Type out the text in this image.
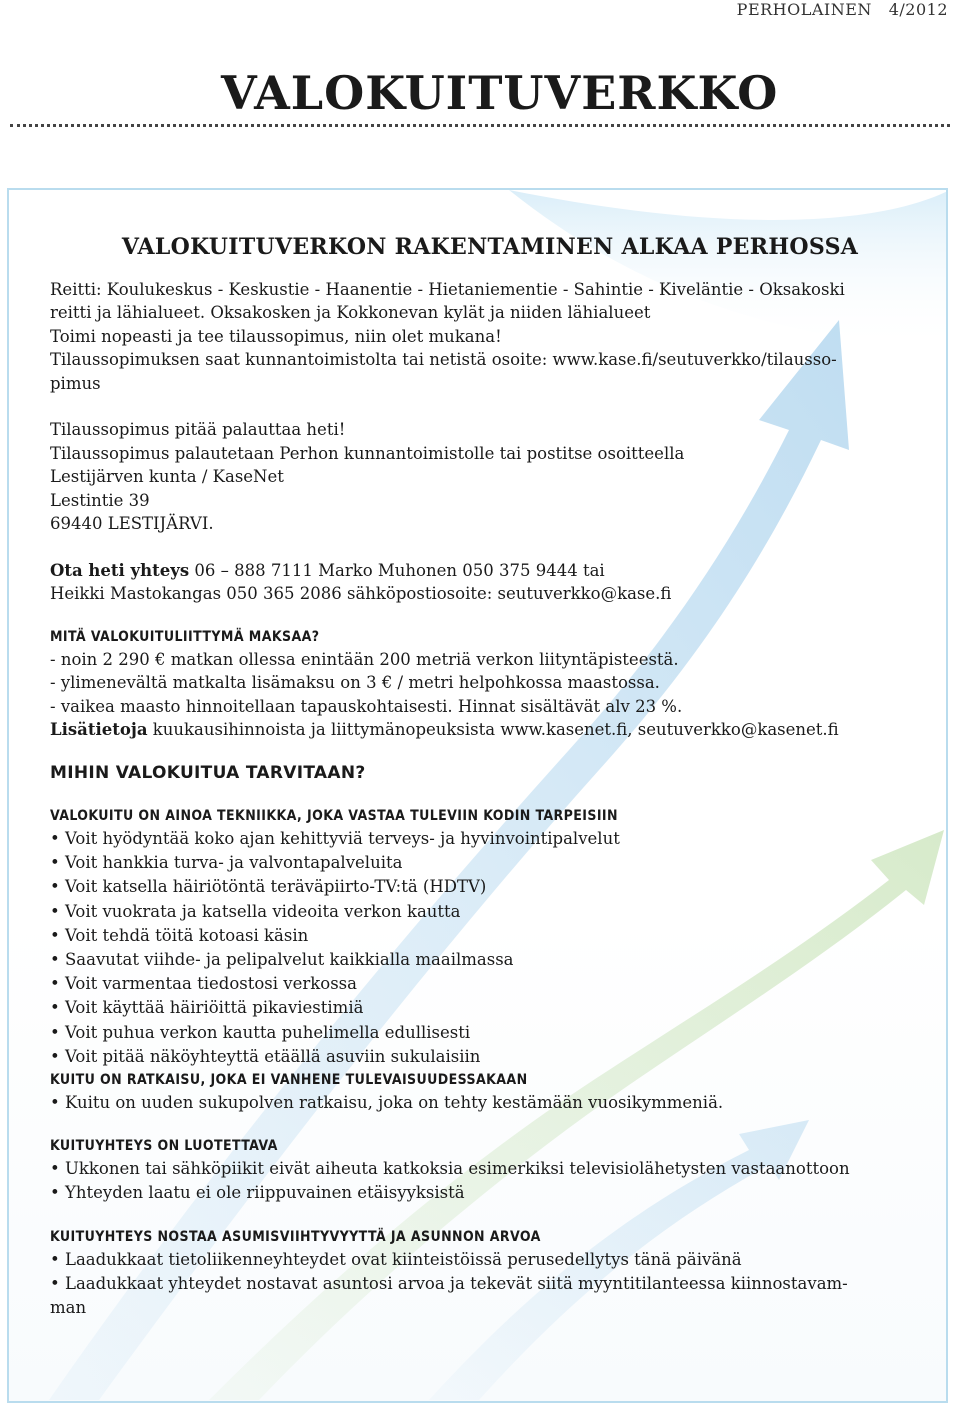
PERHOLAINEN 4/2012
VALOKUITUVERKKO
VALOKUITUVERKON RAKENTAMINEN ALKAA PERHOSSA

Reitti: Koulukeskus - Keskustie - Haanentie - Hietaniementie - Sahintie - Kiveläntie - Oksakoski

reitti ja lähialueet. Oksakosken ja Kokkonevan kylät ja niiden lähialueet

Toimi nopeasti ja tee tilaussopimus, niin olet mukana!

Tilaussopimuksen saat kunnantoimistolta tai netistä osoite: www.kase.fi/seutuverkko/tilausso-

pimus

Tilaussopimus pitää palauttaa heti!

Tilaussopimus palautetaan Perhon kunnantoimistolle tai postitse osoitteella

Lestijärven kunta / KaseNet

Lestintie 39

69440 LESTIJÄRVI.

Ota heti yhteys 06 – 888 7111 Marko Muhonen 050 375 9444 tai

Heikki Mastokangas 050 365 2086 sähköpostiosoite: seutuverkko@kase.fi

MITÄ VALOKUITULIITTYMÄ MAKSAA?

- noin 2 290 € matkan ollessa enintään 200 metriä verkon liityntäpisteestä.
- ylimenevältä matkalta lisämaksu on 3 € / metri helpohkossa maastossa.
- vaikea maasto hinnoitellaan tapauskohtaisesti. Hinnat sisältävät alv 23 %.

Lisätietoja kuukausihinnoista ja liittymänopeuksista www.kasenet.fi, seutuverkko@kasenet.fi

MIHIN VALOKUITUA TARVITAAN?

VALOKUITU ON AINOA TEKNIIKKA, JOKA VASTAA TULEVIIN KODIN TARPEISIIN

• Voit hyödyntää koko ajan kehittyviä terveys- ja hyvinvointipalvelut
• Voit hankkia turva- ja valvontapalveluita
• Voit katsella häiriötöntä teräväpiirto-TV:tä (HDTV)
• Voit vuokrata ja katsella videoita verkon kautta
• Voit tehdä töitä kotoasi käsin
• Saavutat viihde- ja pelipalvelut kaikkialla maailmassa
• Voit varmentaa tiedostosi verkossa
• Voit käyttää häiriöittä pikaviestimiä
• Voit puhua verkon kautta puhelimella edullisesti
• Voit pitää näköyhteyttä etäällä asuviin sukulaisiin

KUITU ON RATKAISU, JOKA EI VANHENE TULEVAISUUDESSAKAAN

• Kuitu on uuden sukupolven ratkaisu, joka on tehty kestämään vuosikymmeniä.

KUITUYHTEYS ON LUOTETTAVA

• Ukkonen tai sähköpiikit eivät aiheuta katkoksia esimerkiksi televisiolähetysten vastaanottoon
• Yhteyden laatu ei ole riippuvainen etäisyyksistä

KUITUYHTEYS NOSTAA ASUMISVIIHTYVYYTTÄ JA ASUNNON ARVOA

• Laadukkaat tietoliikenneyhteydet ovat kiinteistöissä perusedellytys tänä päivänä
• Laadukkaat yhteydet nostavat asuntosi arvoa ja tekevät siitä myyntitilanteessa kiinnostavam-

man
